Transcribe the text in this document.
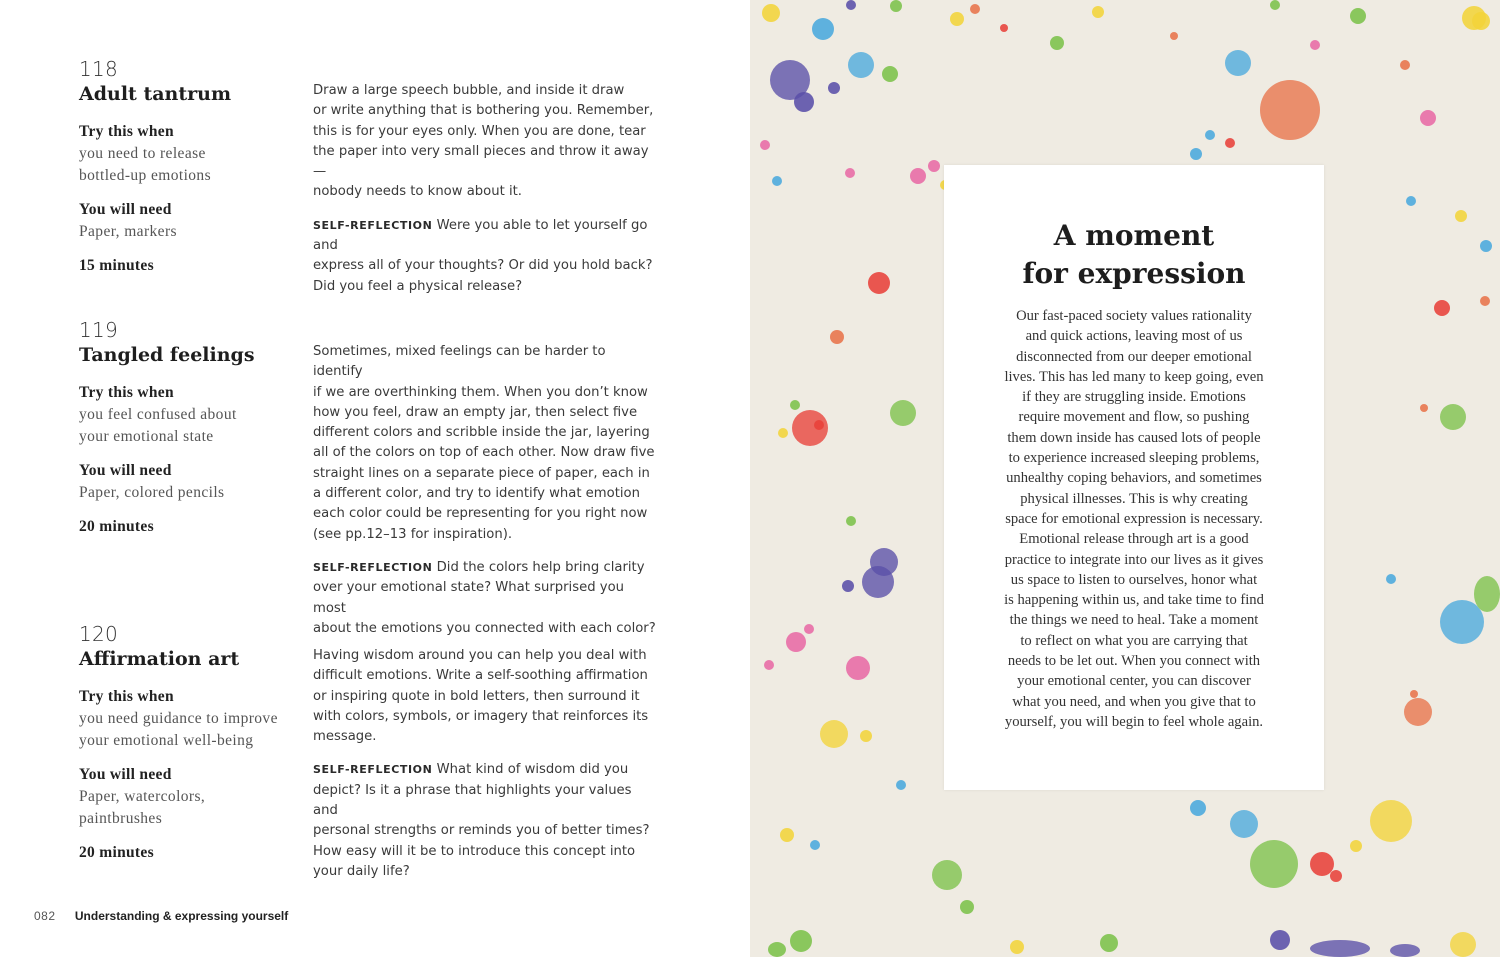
118
Adult tantrum
Try this when
you need to release
bottled-up emotions
You will need
Paper, markers
15 minutes

Draw a large speech bubble, and inside it draw
or write anything that is bothering you. Remember,
this is for your eyes only. When you are done, tear
the paper into very small pieces and throw it away—
nobody needs to know about it.

SELF-REFLECTION Were you able to let yourself go and
express all of your thoughts? Or did you hold back?
Did you feel a physical release?

119
Tangled feelings
Try this when
you feel confused about
your emotional state
You will need
Paper, colored pencils
20 minutes

Sometimes, mixed feelings can be harder to identify
if we are overthinking them. When you don’t know
how you feel, draw an empty jar, then select five
different colors and scribble inside the jar, layering
all of the colors on top of each other. Now draw five
straight lines on a separate piece of paper, each in
a different color, and try to identify what emotion
each color could be representing for you right now
(see pp.12–13 for inspiration).

SELF-REFLECTION Did the colors help bring clarity
over your emotional state? What surprised you most
about the emotions you connected with each color?

120
Affirmation art
Try this when
you need guidance to improve
your emotional well-being
You will need
Paper, watercolors,
paintbrushes
20 minutes

Having wisdom around you can help you deal with
difficult emotions. Write a self-soothing affirmation
or inspiring quote in bold letters, then surround it
with colors, symbols, or imagery that reinforces its
message.

SELF-REFLECTION What kind of wisdom did you
depict? Is it a phrase that highlights your values and
personal strengths or reminds you of better times?
How easy will it be to introduce this concept into
your daily life?

082 Understanding & expressing yourself
A moment
for expression
Our fast-paced society values rationality
and quick actions, leaving most of us
disconnected from our deeper emotional
lives. This has led many to keep going, even
if they are struggling inside. Emotions
require movement and flow, so pushing
them down inside has caused lots of people
to experience increased sleeping problems,
unhealthy coping behaviors, and sometimes
physical illnesses. This is why creating
space for emotional expression is necessary.
Emotional release through art is a good
practice to integrate into our lives as it gives
us space to listen to ourselves, honor what
is happening within us, and take time to find
the things we need to heal. Take a moment
to reflect on what you are carrying that
needs to be let out. When you connect with
your emotional center, you can discover
what you need, and when you give that to
yourself, you will begin to feel whole again.
